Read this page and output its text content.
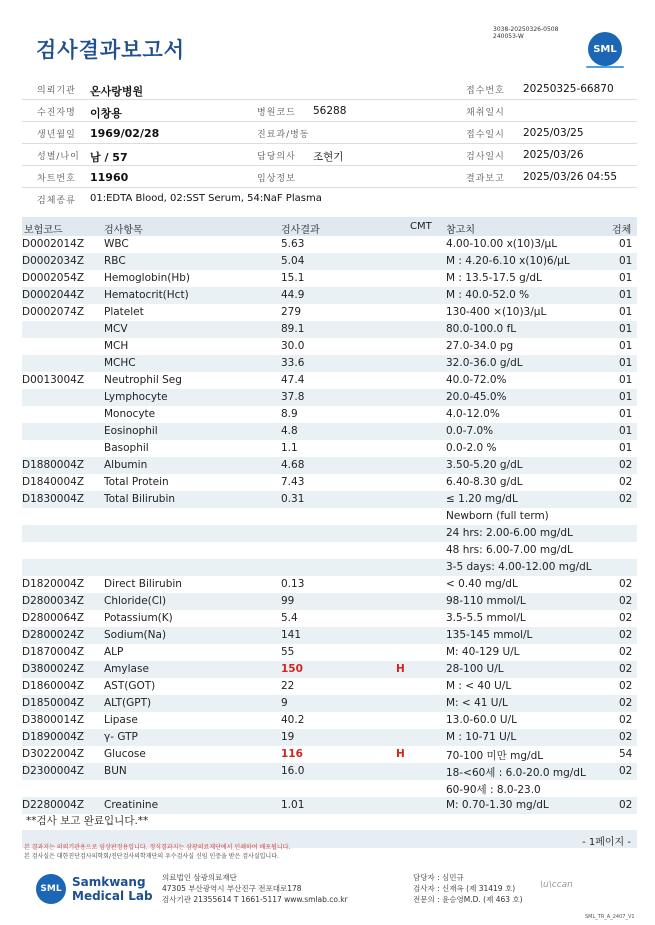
검사결과보고서
3038-20250326-0508
240053-W
SML
의뢰기관 온사랑병원	접수번호 20250325-66870
수진자명 이창용	병원코드 56288	채취일시
생년월일 1969/02/28	진료과/병동	접수일시 2025/03/25
성별/나이 남 / 57	담당의사 조현기	검사일시 2025/03/26
차트번호 11960	임상정보	결과보고 2025/03/26 04:55
검체종류 01:EDTA Blood, 02:SST Serum, 54:NaF Plasma
보험코드	검사항목	검사결과	CMT 참고치	검체
D0002014Z WBC	5.63	4.00-10.00 x(10)3/μL	01
D0002034Z RBC	5.04	M : 4.20-6.10 x(10)6/μL	01
D0002054Z Hemoglobin(Hb)	15.1	M : 13.5-17.5 g/dL	01
D0002044Z Hematocrit(Hct)	44.9	M : 40.0-52.0 %	01
D0002074Z Platelet	279	130-400 ×(10)3/μL	01
MCV	89.1	80.0-100.0 fL	01
MCH	30.0	27.0-34.0 pg	01
MCHC	33.6	32.0-36.0 g/dL	01
D0013004Z Neutrophil Seg	47.4	40.0-72.0%	01
Lymphocyte	37.8	20.0-45.0%	01
Monocyte	8.9	4.0-12.0%	01
Eosinophil	4.8	0.0-7.0%	01
Basophil	1.1	0.0-2.0 %	01
D1880004Z Albumin	4.68	3.50-5.20 g/dL	02
D1840004Z Total Protein	7.43	6.40-8.30 g/dL	02
D1830004Z Total Bilirubin	0.31	≤ 1.20 mg/dL	02
Newborn (full term)
24 hrs: 2.00-6.00 mg/dL
48 hrs: 6.00-7.00 mg/dL
3-5 days: 4.00-12.00 mg/dL
D1820004Z Direct Bilirubin	0.13	< 0.40 mg/dL	02
D2800034Z Chloride(Cl)	99	98-110 mmol/L	02
D2800064Z Potassium(K)	5.4	3.5-5.5 mmol/L	02
D2800024Z Sodium(Na)	141	135-145 mmol/L	02
D1870004Z ALP	55	M: 40-129 U/L	02
D3800024Z Amylase	150	H	28-100 U/L	02
D1860004Z AST(GOT)	22	M : < 40 U/L	02
D1850004Z ALT(GPT)	9	M: < 41 U/L	02
D3800014Z Lipase	40.2	13.0-60.0 U/L	02
D1890004Z γ- GTP	19	M : 10-71 U/L	02
D3022004Z Glucose	116	H	70-100 미만 mg/dL	54
D2300004Z BUN	16.0	18-<60세 : 6.0-20.0 mg/dL	02
60-90세 : 8.0-23.0
D2280004Z Creatinine	1.01	M: 0.70-1.30 mg/dL	02
**검사 보고 완료입니다.**
- 1페이지 -
본 결과지는 의뢰기관용으로 임상판정용입니다. 정식결과지는 삼광의료재단에서 인쇄하여 배포됩니다.
본 검사실은 대한진단검사의학회/진단검사의학재단의 우수검사실 신임 인증을 받은 검사실입니다.
SML Samkwang
Medical Lab
의료법인 삼광의료재단
47305 부산광역시 부산진구 전포대로178
검사기관 21355614 T 1661-5117 www.smlab.co.kr
담당자 : 심민규
검사자 : 신재옥 (제 31419 호)
전문의 : 윤승영M.D. (제 463 호)
\u\ccan
SML_TR_A_2407_V1
